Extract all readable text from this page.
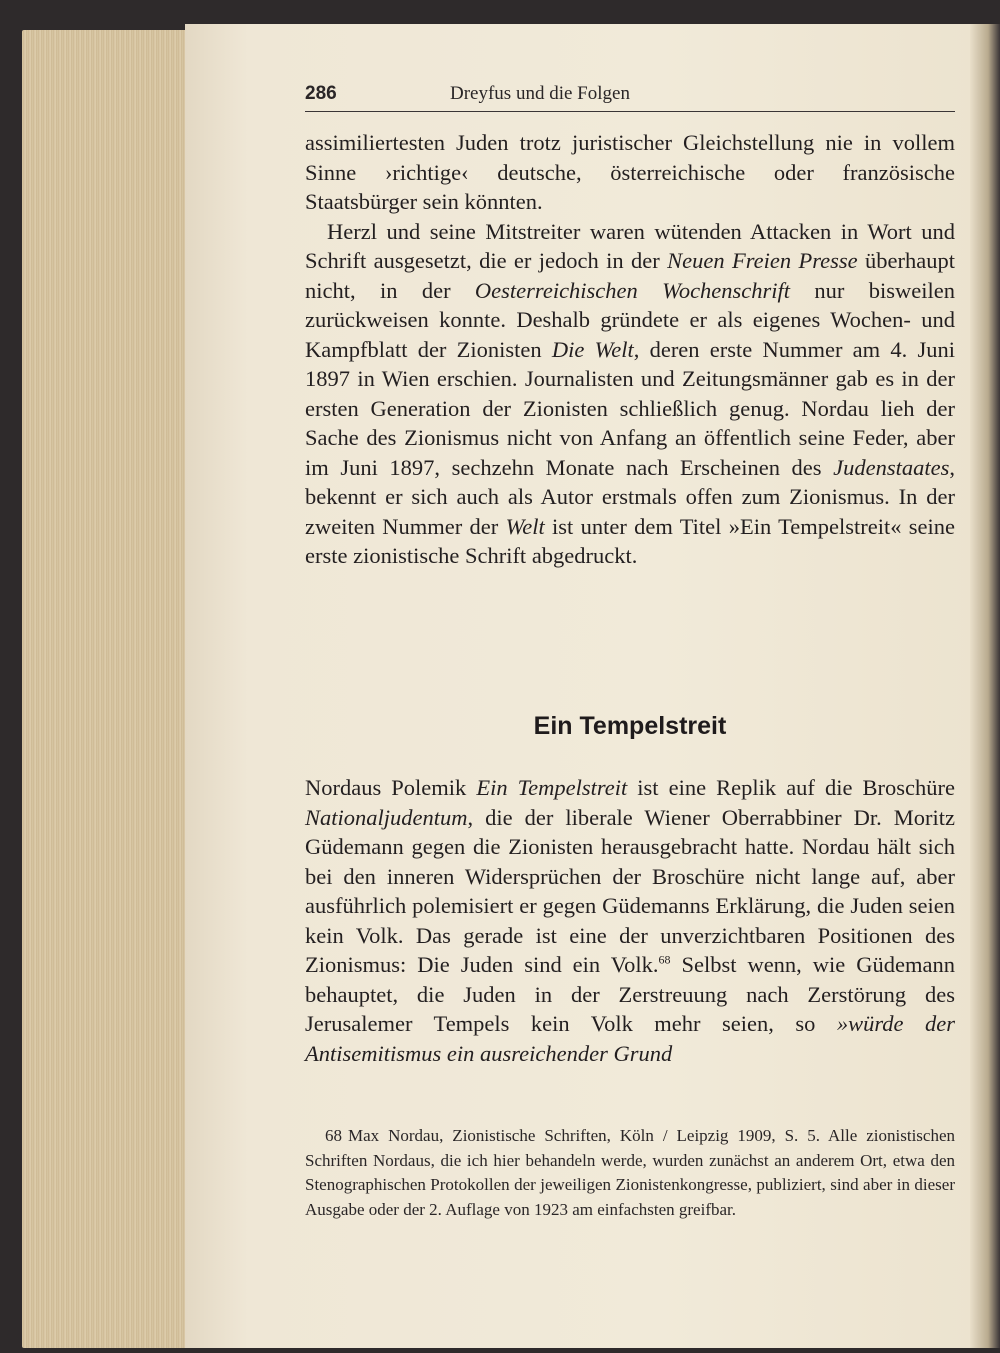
286	Dreyfus und die Folgen

assimiliertesten Juden trotz juristischer Gleichstellung nie in vollem Sinne ›richtige‹ deutsche, österreichische oder französische Staatsbürger sein könnten.

Herzl und seine Mitstreiter waren wütenden Attacken in Wort und Schrift ausgesetzt, die er jedoch in der Neuen Freien Presse überhaupt nicht, in der Oesterreichischen Wochenschrift nur bisweilen zurückweisen konnte. Deshalb gründete er als eigenes Wochen- und Kampfblatt der Zionisten Die Welt, deren erste Nummer am 4. Juni 1897 in Wien erschien. Journalisten und Zeitungsmänner gab es in der ersten Generation der Zionisten schließlich genug. Nordau lieh der Sache des Zionismus nicht von Anfang an öffentlich seine Feder, aber im Juni 1897, sechzehn Monate nach Erscheinen des Judenstaates, bekennt er sich auch als Autor erstmals offen zum Zionismus. In der zweiten Nummer der Welt ist unter dem Titel »Ein Tempelstreit« seine erste zionistische Schrift abgedruckt.

Ein Tempelstreit

Nordaus Polemik Ein Tempelstreit ist eine Replik auf die Broschüre Nationaljudentum, die der liberale Wiener Oberrabbiner Dr. Moritz Güdemann gegen die Zionisten herausgebracht hatte. Nordau hält sich bei den inneren Widersprüchen der Broschüre nicht lange auf, aber ausführlich polemisiert er gegen Güdemanns Erklärung, die Juden seien kein Volk. Das gerade ist eine der unverzichtbaren Positionen des Zionismus: Die Juden sind ein Volk.$^{68}$ Selbst wenn, wie Güdemann behauptet, die Juden in der Zerstreuung nach Zerstörung des Jerusalemer Tempels kein Volk mehr seien, so »würde der Antisemitismus ein ausreichender Grund

68 Max Nordau, Zionistische Schriften, Köln / Leipzig 1909, S. 5. Alle zionistischen Schriften Nordaus, die ich hier behandeln werde, wurden zunächst an anderem Ort, etwa den Stenographischen Protokollen der jeweiligen Zionistenkongresse, publiziert, sind aber in dieser Ausgabe oder der 2. Auflage von 1923 am einfachsten greifbar.
